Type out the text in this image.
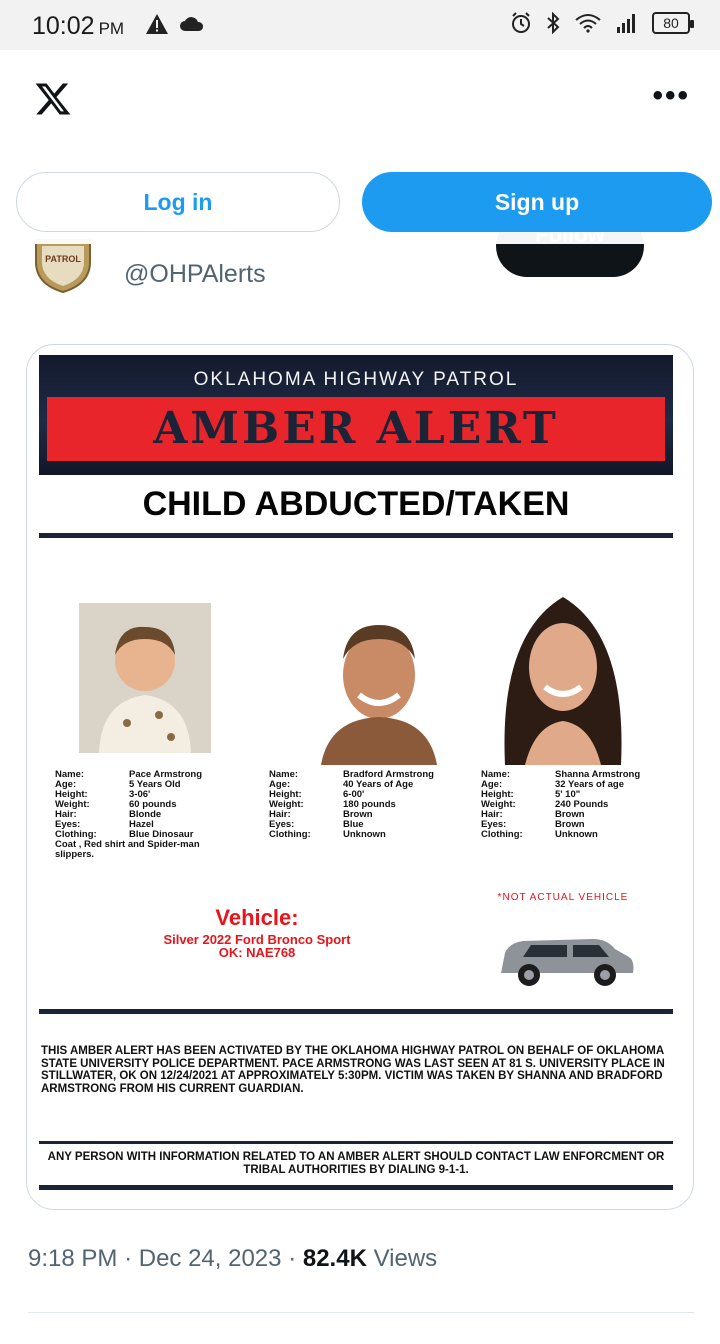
10:02 PM	80
•••
PATROL
@OHPAlerts
Log in	Sign up
OKLAHOMA HIGHWAY PATROL
AMBER ALERT
CHILD ABDUCTED/TAKEN
Name:	Pace Armstrong
Age:	5 Years Old
Height:	3-06'
Weight:	60 pounds
Hair:	Blonde
Eyes:	Hazel
Clothing:	Blue Dinosaur
Coat , Red shirt and Spider-man slippers.
Name:	Bradford Armstrong
Age:	40 Years of Age
Height:	6-00'
Weight:	180 pounds
Hair:	Brown
Eyes:	Blue
Clothing:	Unknown
Name:	Shanna Armstrong
Age:	32 Years of age
Height:	5' 10"
Weight:	240 Pounds
Hair:	Brown
Eyes:	Brown
Clothing:	Unknown
Vehicle:
Silver 2022 Ford Bronco Sport
OK: NAE768
*NOT ACTUAL VEHICLE
THIS AMBER ALERT HAS BEEN ACTIVATED BY THE OKLAHOMA HIGHWAY PATROL ON BEHALF OF OKLAHOMA STATE UNIVERSITY POLICE DEPARTMENT. PACE ARMSTRONG WAS LAST SEEN AT 81 S. UNIVERSITY PLACE IN STILLWATER, OK ON 12/24/2021 AT APPROXIMATELY 5:30PM. VICTIM WAS TAKEN BY SHANNA AND BRADFORD ARMSTRONG FROM HIS CURRENT GUARDIAN.
ANY PERSON WITH INFORMATION RELATED TO AN AMBER ALERT SHOULD CONTACT LAW ENFORCMENT OR TRIBAL AUTHORITIES BY DIALING 9-1-1.
9:18 PM · Dec 24, 2023 · 82.4K Views
